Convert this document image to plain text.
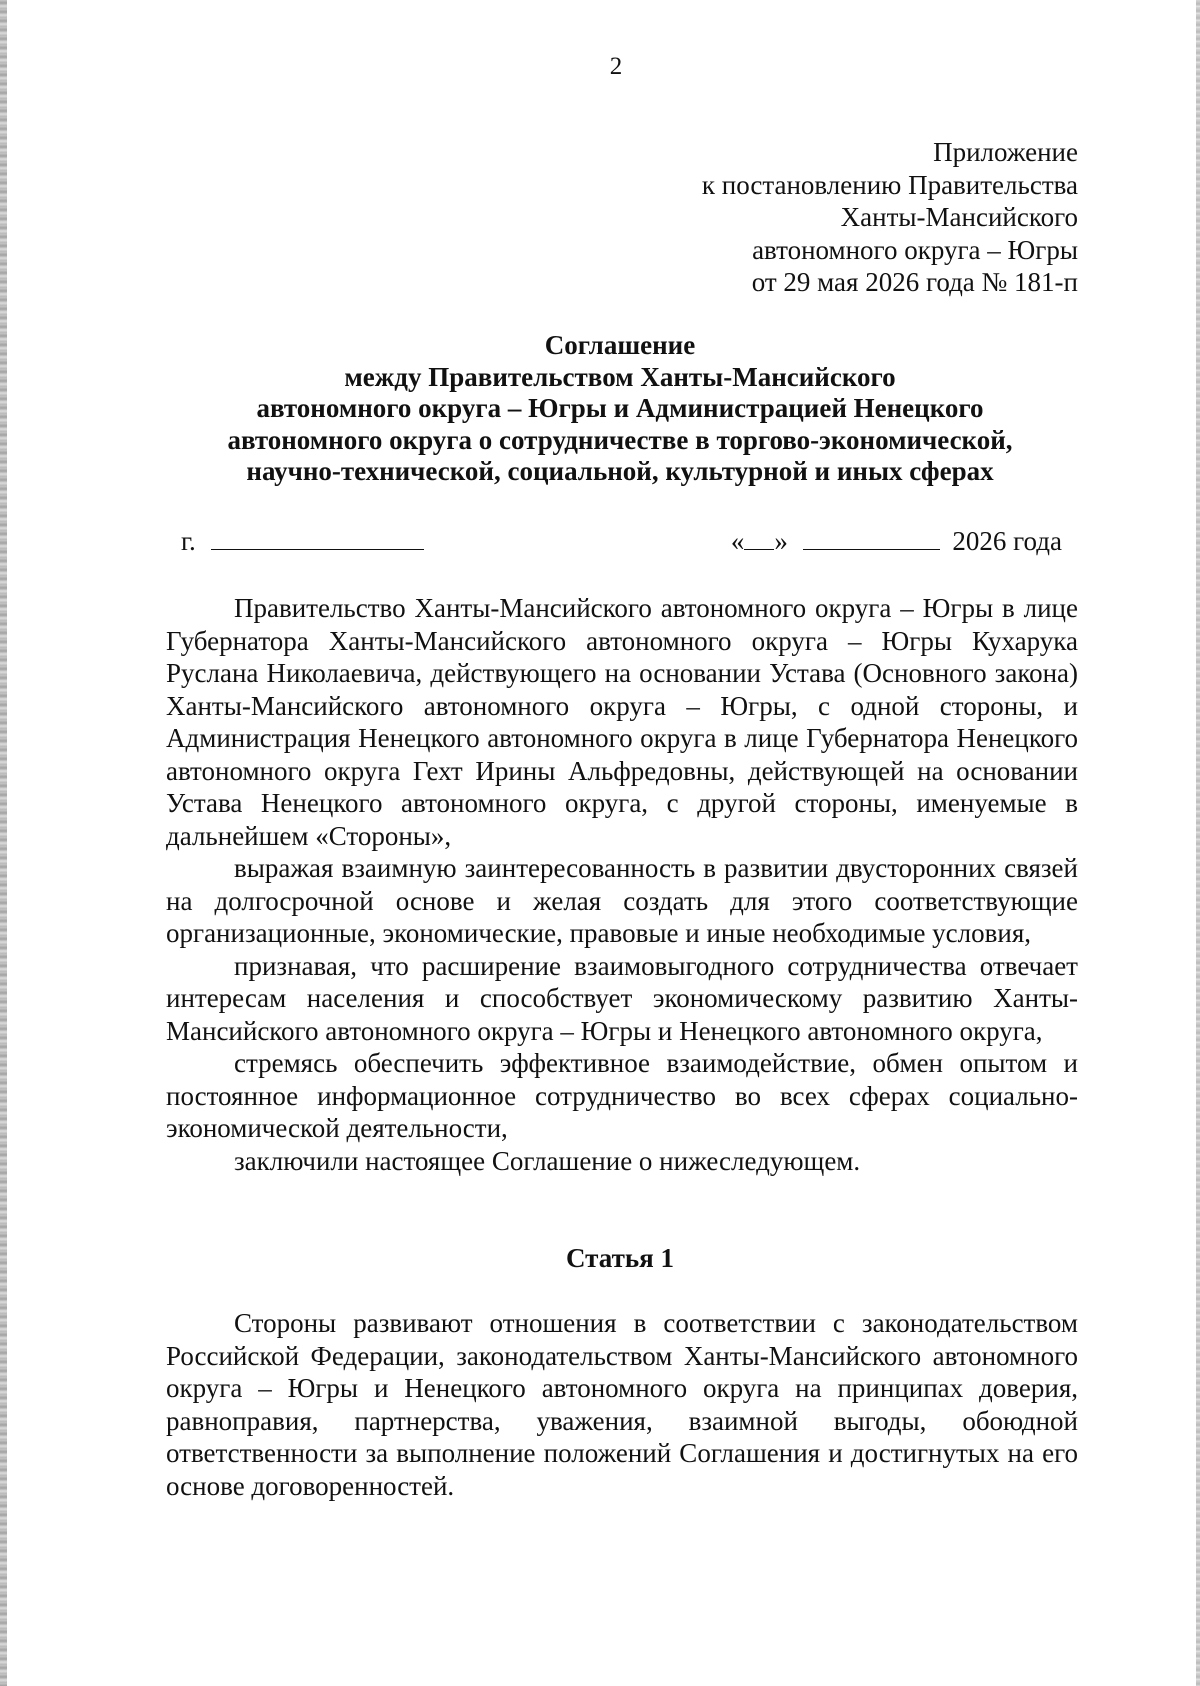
2
Приложение
к постановлению Правительства
Ханты-Мансийского
автономного округа – Югры
от 29 мая 2026 года № 181-п
Соглашение
между Правительством Ханты-Мансийского
автономного округа – Югры и Администрацией Ненецкого
автономного округа о сотрудничестве в торгово-экономической,
научно-технической, социальной, культурной и иных сферах
г.	« »	2026 года

Правительство Ханты-Мансийского автономного округа – Югры в лице Губернатора Ханты-Мансийского автономного округа – Югры Кухарука Руслана Николаевича, действующего на основании Устава (Основного закона) Ханты-Мансийского автономного округа – Югры, с одной стороны, и Администрация Ненецкого автономного округа в лице Губернатора Ненецкого автономного округа Гехт Ирины Альфредовны, действующей на основании Устава Ненецкого автономного округа, с другой стороны, именуемые в дальнейшем «Стороны»,

выражая взаимную заинтересованность в развитии двусторонних связей на долгосрочной основе и желая создать для этого соответствующие организационные, экономические, правовые и иные необходимые условия,

признавая, что расширение взаимовыгодного сотрудничества отвечает интересам населения и способствует экономическому развитию Ханты-Мансийского автономного округа – Югры и Ненецкого автономного округа,

стремясь обеспечить эффективное взаимодействие, обмен опытом и постоянное информационное сотрудничество во всех сферах социально-экономической деятельности,

заключили настоящее Соглашение о нижеследующем.

Статья 1

Стороны развивают отношения в соответствии с законодательством Российской Федерации, законодательством Ханты-Мансийского автономного округа – Югры и Ненецкого автономного округа на принципах доверия, равноправия, партнерства, уважения, взаимной выгоды, обоюдной ответственности за выполнение положений Соглашения и достигнутых на его основе договоренностей.
